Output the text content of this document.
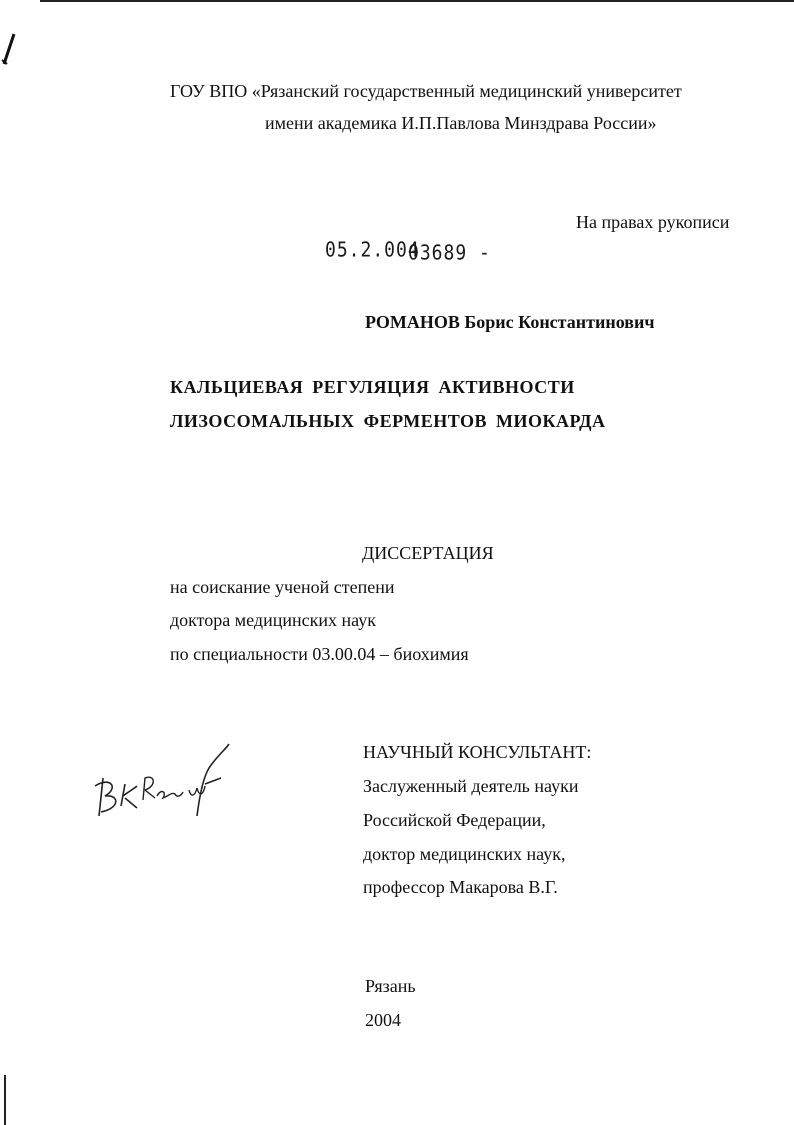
ГОУ ВПО «Рязанский государственный медицинский университет
имени академика И.П.Павлова Минздрава России»
На правах рукописи
05.2.004
03689 -
РОМАНОВ Борис Константинович
КАЛЬЦИЕВАЯ РЕГУЛЯЦИЯ АКТИВНОСТИ
ЛИЗОСОМАЛЬНЫХ ФЕРМЕНТОВ МИОКАРДА
ДИССЕРТАЦИЯ
на соискание ученой степени
доктора медицинских наук
по специальности 03.00.04 – биохимия
НАУЧНЫЙ КОНСУЛЬТАНТ:
Заслуженный деятель науки
Российской Федерации,
доктор медицинских наук,
профессор Макарова В.Г.
Рязань
2004
